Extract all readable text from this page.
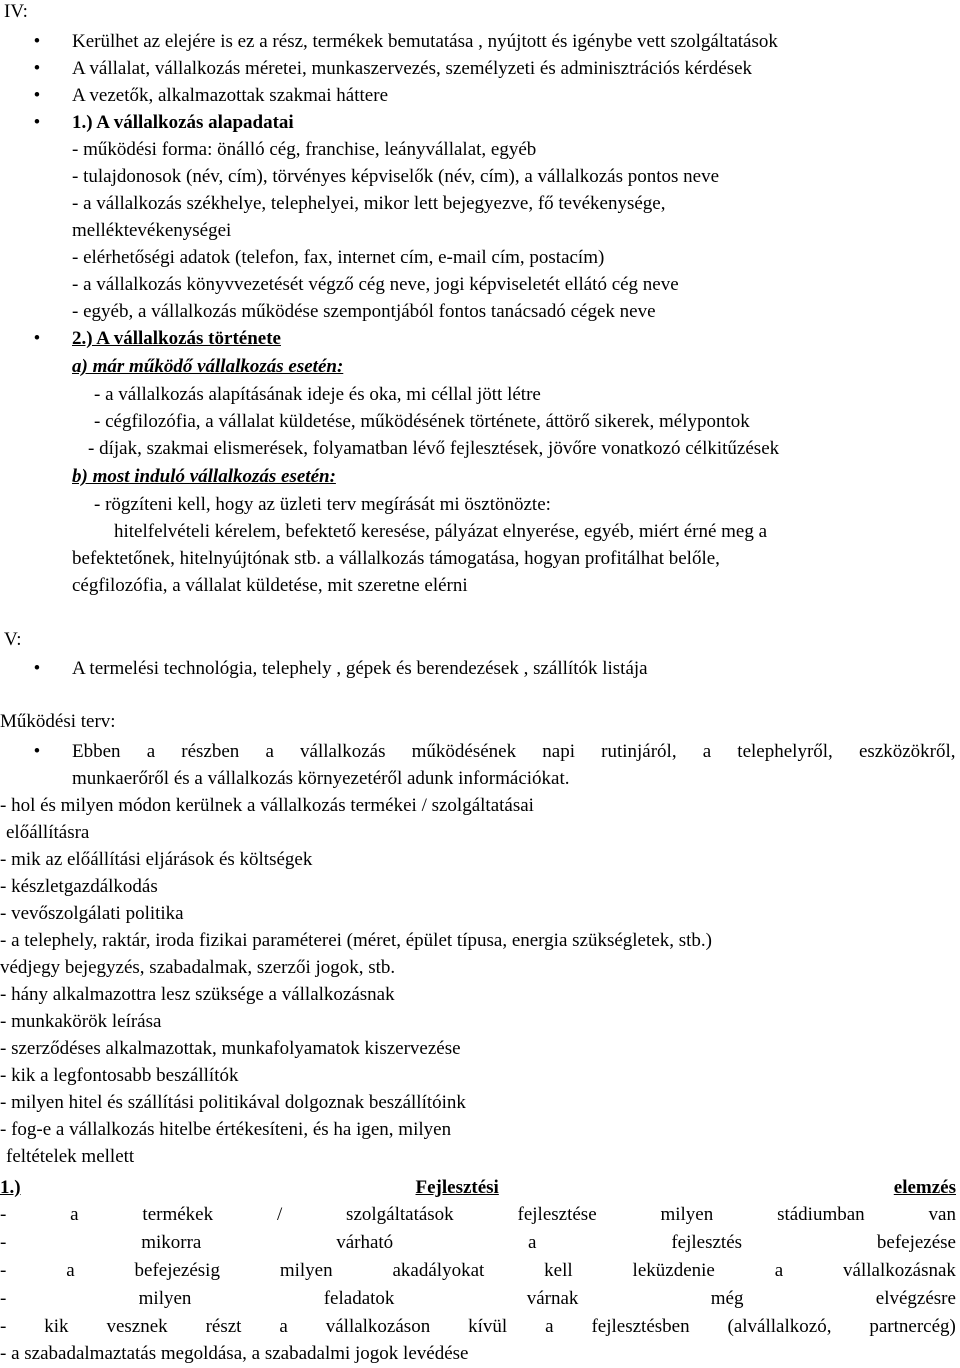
IV:
• Kerülhet az elejére is ez a rész, termékek bemutatása , nyújtott és igénybe vett szolgáltatások
• A vállalat, vállalkozás méretei, munkaszervezés, személyzeti és adminisztrációs kérdések
• A vezetők, alkalmazottak szakmai háttere
• 1.) A vállalkozás alapadatai
- működési forma: önálló cég, franchise, leányvállalat, egyéb
- tulajdonosok (név, cím), törvényes képviselők (név, cím), a vállalkozás pontos neve
- a vállalkozás székhelye, telephelyei, mikor lett bejegyezve, fő tevékenysége,
melléktevékenységei
- elérhetőségi adatok (telefon, fax, internet cím, e-mail cím, postacím)
- a vállalkozás könyvvezetését végző cég neve, jogi képviseletét ellátó cég neve
- egyéb, a vállalkozás működése szempontjából fontos tanácsadó cégek neve
• 2.) A vállalkozás története
a) már működő vállalkozás esetén:
- a vállalkozás alapításának ideje és oka, mi céllal jött létre
- cégfilozófia, a vállalat küldetése, működésének története, áttörő sikerek, mélypontok
- díjak, szakmai elismerések, folyamatban lévő fejlesztések, jövőre vonatkozó célkitűzések
b) most induló vállalkozás esetén:
- rögzíteni kell, hogy az üzleti terv megírását mi ösztönözte:
hitelfelvételi kérelem, befektető keresése, pályázat elnyerése, egyéb, miért érné meg a
befektetőnek, hitelnyújtónak stb. a vállalkozás támogatása, hogyan profitálhat belőle,
cégfilozófia, a vállalat küldetése, mit szeretne elérni
V:
• A termelési technológia, telephely , gépek és berendezések , szállítók listája
Működési terv:
• Ebben a részben a vállalkozás működésének napi rutinjáról, a telephelyről, eszközökről,
munkaerőről és a vállalkozás környezetéről adunk információkat.
- hol és milyen módon kerülnek a vállalkozás termékei / szolgáltatásai
előállításra
- mik az előállítási eljárások és költségek
- készletgazdálkodás
- vevőszolgálati politika
- a telephely, raktár, iroda fizikai paraméterei (méret, épület típusa, energia szükségletek, stb.)
védjegy bejegyzés, szabadalmak, szerzői jogok, stb.
- hány alkalmazottra lesz szüksége a vállalkozásnak
- munkakörök leírása
- szerződéses alkalmazottak, munkafolyamatok kiszervezése
- kik a legfontosabb beszállítók
- milyen hitel és szállítási politikával dolgoznak beszállítóink
- fog-e a vállalkozás hitelbe értékesíteni, és ha igen, milyen
feltételek mellett
1.)	Fejlesztési	elemzés
-	a	termékek	/	szolgáltatások	fejlesztése	milyen	stádiumban	van
-	mikorra	várható	a	fejlesztés	befejezése
-	a	befejezésig	milyen	akadályokat	kell	leküzdenie	a	vállalkozásnak
-	milyen	feladatok	várnak	még	elvégzésre
- kik vesznek részt a vállalkozáson kívül a fejlesztésben (alvállalkozó, partnercég)
- a szabadalmaztatás megoldása, a szabadalmi jogok levédése
